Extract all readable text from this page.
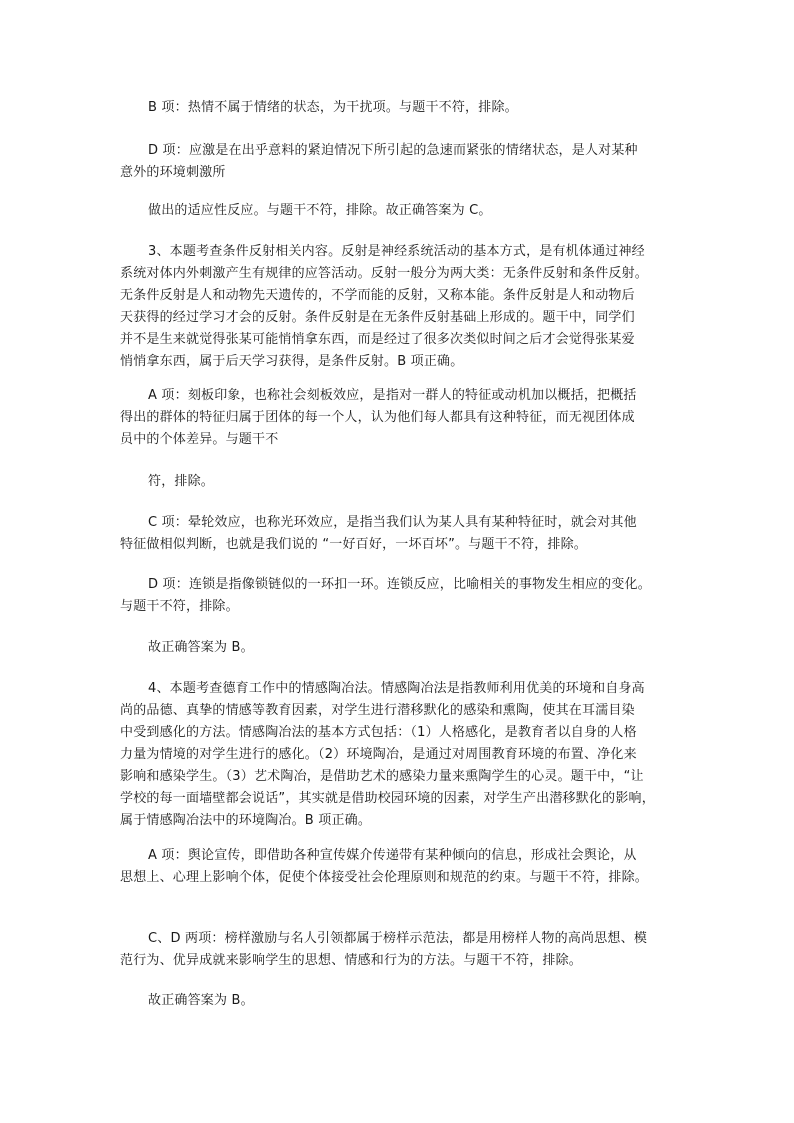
B 项：热情不属于情绪的状态，为干扰项。与题干不符，排除。

D 项：应激是在出乎意料的紧迫情况下所引起的急速而紧张的情绪状态，是人对某种
意外的环境刺激所

做出的适应性反应。与题干不符，排除。故正确答案为 C。

3、本题考查条件反射相关内容。反射是神经系统活动的基本方式，是有机体通过神经
系统对体内外刺激产生有规律的应答活动。反射一般分为两大类：无条件反射和条件反射。
无条件反射是人和动物先天遗传的，不学而能的反射，又称本能。条件反射是人和动物后
天获得的经过学习才会的反射。条件反射是在无条件反射基础上形成的。题干中，同学们
并不是生来就觉得张某可能悄悄拿东西，而是经过了很多次类似时间之后才会觉得张某爱
悄悄拿东西，属于后天学习获得，是条件反射。B 项正确。

A 项：刻板印象，也称社会刻板效应，是指对一群人的特征或动机加以概括，把概括
得出的群体的特征归属于团体的每一个人，认为他们每人都具有这种特征，而无视团体成
员中的个体差异。与题干不

符，排除。

C 项：晕轮效应，也称光环效应，是指当我们认为某人具有某种特征时，就会对其他
特征做相似判断，也就是我们说的 “一好百好，一坏百坏”。与题干不符，排除。

D 项：连锁是指像锁链似的一环扣一环。连锁反应，比喻相关的事物发生相应的变化。
与题干不符，排除。

故正确答案为 B。

4、本题考查德育工作中的情感陶冶法。情感陶冶法是指教师利用优美的环境和自身高
尚的品德、真挚的情感等教育因素，对学生进行潜移默化的感染和熏陶，使其在耳濡目染
中受到感化的方法。情感陶冶法的基本方式包括：（1）人格感化，是教育者以自身的人格
力量为情境的对学生进行的感化。（2）环境陶冶，是通过对周围教育环境的布置、净化来
影响和感染学生。（3）艺术陶冶，是借助艺术的感染力量来熏陶学生的心灵。题干中，“让
学校的每一面墙壁都会说话”，其实就是借助校园环境的因素，对学生产出潜移默化的影响，
属于情感陶冶法中的环境陶冶。B 项正确。

A 项：舆论宣传，即借助各种宣传媒介传递带有某种倾向的信息，形成社会舆论，从
思想上、心理上影响个体，促使个体接受社会伦理原则和规范的约束。与题干不符，排除。

C、D 两项：榜样激励与名人引领都属于榜样示范法，都是用榜样人物的高尚思想、模
范行为、优异成就来影响学生的思想、情感和行为的方法。与题干不符，排除。

故正确答案为 B。
